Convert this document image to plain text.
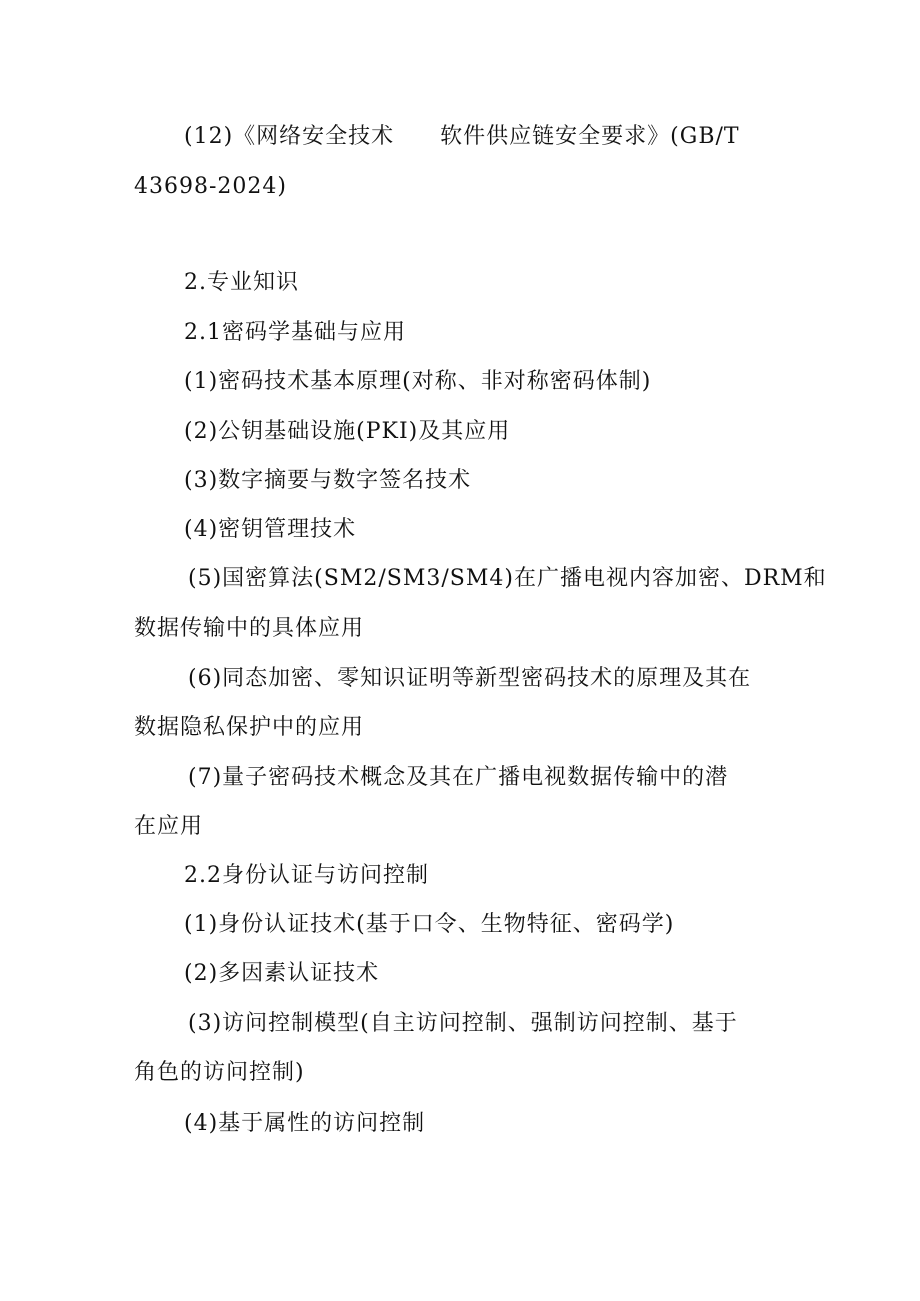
(12)《网络安全技术　　软件供应链安全要求》(GB/T
43698-2024)
2.专业知识
2.1密码学基础与应用
(1)密码技术基本原理(对称、非对称密码体制)
(2)公钥基础设施(PKI)及其应用
(3)数字摘要与数字签名技术
(4)密钥管理技术
(5)国密算法(SM2/SM3/SM4)在广播电视内容加密、DRM和
数据传输中的具体应用
(6)同态加密、零知识证明等新型密码技术的原理及其在
数据隐私保护中的应用
(7)量子密码技术概念及其在广播电视数据传输中的潜
在应用
2.2身份认证与访问控制
(1)身份认证技术(基于口令、生物特征、密码学)
(2)多因素认证技术
(3)访问控制模型(自主访问控制、强制访问控制、基于
角色的访问控制)
(4)基于属性的访问控制
